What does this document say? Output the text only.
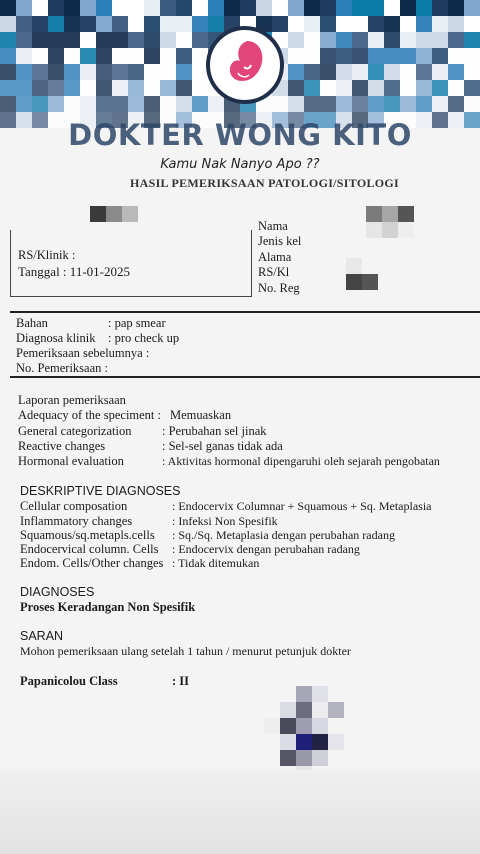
DOKTER WONG KITO
Kamu Nak Nanyo Apo ??
HASIL PEMERIKSAAN PATOLOGI/SITOLOGI
RS/Klinik :
Tanggal : 11-01-2025
Nama
Jenis kel
Alama
RS/Kl
No. Reg
Bahan	: pap smear
Diagnosa klinik : pro check up
Pemeriksaan sebelumnya :
No. Pemeriksaan :
Laporan pemeriksaan
Adequacy of the speciment : Memuaskan
General categorization : Perubahan sel jinak
Reactive changes	: Sel-sel ganas tidak ada
Hormonal evaluation	: Aktivitas hormonal dipengaruhi oleh sejarah pengobatan
DESKRIPTIVE DIAGNOSES
Cellular composation	: Endocervix Columnar + Squamous + Sq. Metaplasia
Inflammatory changes	: Infeksi Non Spesifik
Squamous/sq.metapls.cells : Sq./Sq. Metaplasia dengan perubahan radang
Endocervical column. Cells : Endocervix dengan perubahan radang
Endom. Cells/Other changes : Tidak ditemukan
DIAGNOSES
Proses Keradangan Non Spesifik
SARAN
Mohon pemeriksaan ulang setelah 1 tahun / menurut petunjuk dokter
Papanicolou Class	: II
